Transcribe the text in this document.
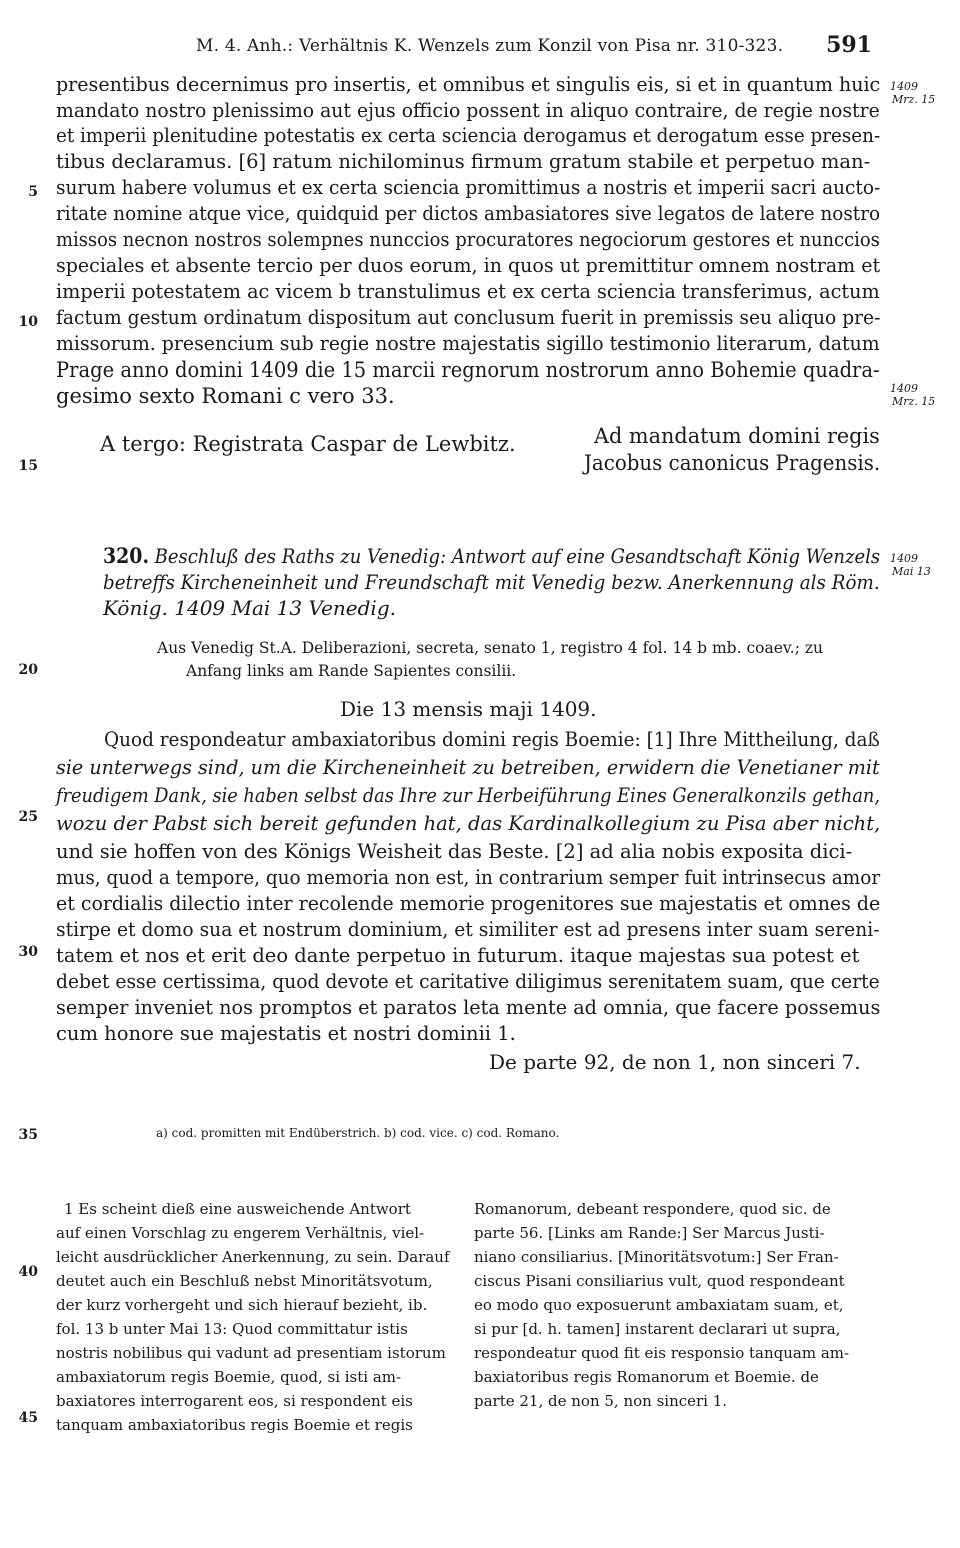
M. 4. Anh.: Verhältnis K. Wenzels zum Konzil von Pisa nr. 310-323. 591
presentibus decernimus pro insertis, et omnibus et singulis eis, si et in quantum huic
mandato nostro plenissimo aut ejus officio possent in aliquo contraire, de regie nostre
et imperii plenitudine potestatis ex certa sciencia derogamus et derogatum esse presen-
tibus declaramus. [6] ratum nichilominus firmum gratum stabile et perpetuo man-
surum habere volumus et ex certa sciencia promittimus a nostris et imperii sacri aucto-
ritate nomine atque vice, quidquid per dictos ambasiatores sive legatos de latere nostro
missos necnon nostros solempnes nunccios procuratores negociorum gestores et nunccios
speciales et absente tercio per duos eorum, in quos ut premittitur omnem nostram et
imperii potestatem ac vicem b transtulimus et ex certa sciencia transferimus, actum
factum gestum ordinatum dispositum aut conclusum fuerit in premissis seu aliquo pre-
missorum. presencium sub regie nostre majestatis sigillo testimonio literarum, datum
Prage anno domini 1409 die 15 marcii regnorum nostrorum anno Bohemie quadra-
gesimo sexto Romani c vero 33.
A tergo: Registrata Caspar de Lewbitz.	Ad mandatum domini regis
Jacobus canonicus Pragensis.
1409
Mrz. 15
1409
Mrz. 15
1409
Mai 13
5
10
15
20
25
30
35
40
45
320. Beschluß des Raths zu Venedig: Antwort auf eine Gesandtschaft König Wenzels
betreffs Kircheneinheit und Freundschaft mit Venedig bezw. Anerkennung als Röm.
König. 1409 Mai 13 Venedig.
Aus Venedig St.A. Deliberazioni, secreta, senato 1, registro 4 fol. 14 b mb. coaev.; zu
Anfang links am Rande Sapientes consilii.
Die 13 mensis maji 1409.
Quod respondeatur ambaxiatoribus domini regis Boemie: [1] Ihre Mittheilung, daß
sie unterwegs sind, um die Kircheneinheit zu betreiben, erwidern die Venetianer mit
freudigem Dank, sie haben selbst das Ihre zur Herbeiführung Eines Generalkonzils gethan,
wozu der Pabst sich bereit gefunden hat, das Kardinalkollegium zu Pisa aber nicht,
und sie hoffen von des Königs Weisheit das Beste. [2] ad alia nobis exposita dici-
mus, quod a tempore, quo memoria non est, in contrarium semper fuit intrinsecus amor
et cordialis dilectio inter recolende memorie progenitores sue majestatis et omnes de
stirpe et domo sua et nostrum dominium, et similiter est ad presens inter suam sereni-
tatem et nos et erit deo dante perpetuo in futurum. itaque majestas sua potest et
debet esse certissima, quod devote et caritative diligimus serenitatem suam, que certe
semper inveniet nos promptos et paratos leta mente ad omnia, que facere possemus
cum honore sue majestatis et nostri dominii 1.
De parte 92, de non 1, non sinceri 7.
a) cod. promitten mit Endüberstrich. b) cod. vice. c) cod. Romano.
1 Es scheint dieß eine ausweichende Antwort
auf einen Vorschlag zu engerem Verhältnis, viel-
leicht ausdrücklicher Anerkennung, zu sein. Darauf
deutet auch ein Beschluß nebst Minoritätsvotum,
der kurz vorhergeht und sich hierauf bezieht, ib.
fol. 13 b unter Mai 13: Quod committatur istis
nostris nobilibus qui vadunt ad presentiam istorum
ambaxiatorum regis Boemie, quod, si isti am-
baxiatores interrogarent eos, si respondent eis
tanquam ambaxiatoribus regis Boemie et regis
Romanorum, debeant respondere, quod sic. de
parte 56. [Links am Rande:] Ser Marcus Justi-
niano consiliarius. [Minoritätsvotum:] Ser Fran-
ciscus Pisani consiliarius vult, quod respondeant
eo modo quo exposuerunt ambaxiatam suam, et,
si pur [d. h. tamen] instarent declarari ut supra,
respondeatur quod fit eis responsio tanquam am-
baxiatoribus regis Romanorum et Boemie. de
parte 21, de non 5, non sinceri 1.
